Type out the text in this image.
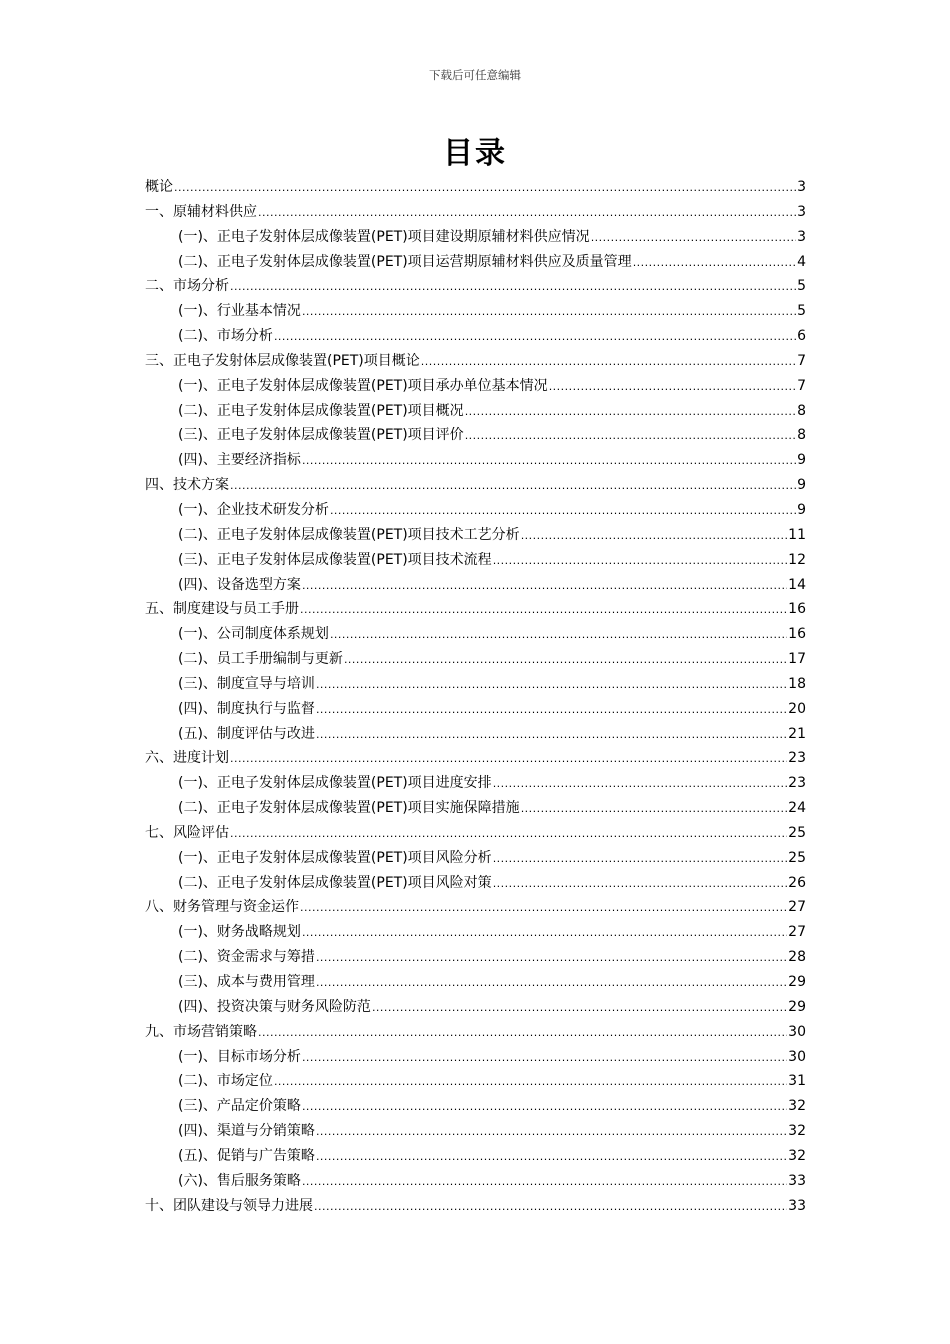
下载后可任意编辑
目录
概论 .....	3
一、原辅材料供应 .....	3
(一)、正电子发射体层成像装置(PET)项目建设期原辅材料供应情况 .....	3
(二)、正电子发射体层成像装置(PET)项目运营期原辅材料供应及质量管理 .....	4
二、市场分析 .....	5
(一)、行业基本情况 .....	5
(二)、市场分析 .....	6
三、正电子发射体层成像装置(PET)项目概论 .....	7
(一)、正电子发射体层成像装置(PET)项目承办单位基本情况 .....	7
(二)、正电子发射体层成像装置(PET)项目概况 .....	8
(三)、正电子发射体层成像装置(PET)项目评价 .....	8
(四)、主要经济指标 .....	9
四、技术方案 .....	9
(一)、企业技术研发分析 .....	9
(二)、正电子发射体层成像装置(PET)项目技术工艺分析 .....	11
(三)、正电子发射体层成像装置(PET)项目技术流程 .....	12
(四)、设备选型方案 .....	14
五、制度建设与员工手册 .....	16
(一)、公司制度体系规划 .....	16
(二)、员工手册编制与更新 .....	17
(三)、制度宣导与培训 .....	18
(四)、制度执行与监督 .....	20
(五)、制度评估与改进 .....	21
六、进度计划 .....	23
(一)、正电子发射体层成像装置(PET)项目进度安排 .....	23
(二)、正电子发射体层成像装置(PET)项目实施保障措施 .....	24
七、风险评估 .....	25
(一)、正电子发射体层成像装置(PET)项目风险分析 .....	25
(二)、正电子发射体层成像装置(PET)项目风险对策 .....	26
八、财务管理与资金运作 .....	27
(一)、财务战略规划 .....	27
(二)、资金需求与筹措 .....	28
(三)、成本与费用管理 .....	29
(四)、投资决策与财务风险防范 .....	29
九、市场营销策略 .....	30
(一)、目标市场分析 .....	30
(二)、市场定位 .....	31
(三)、产品定价策略 .....	32
(四)、渠道与分销策略 .....	32
(五)、促销与广告策略 .....	32
(六)、售后服务策略 .....	33
十、团队建设与领导力进展 .....	33
